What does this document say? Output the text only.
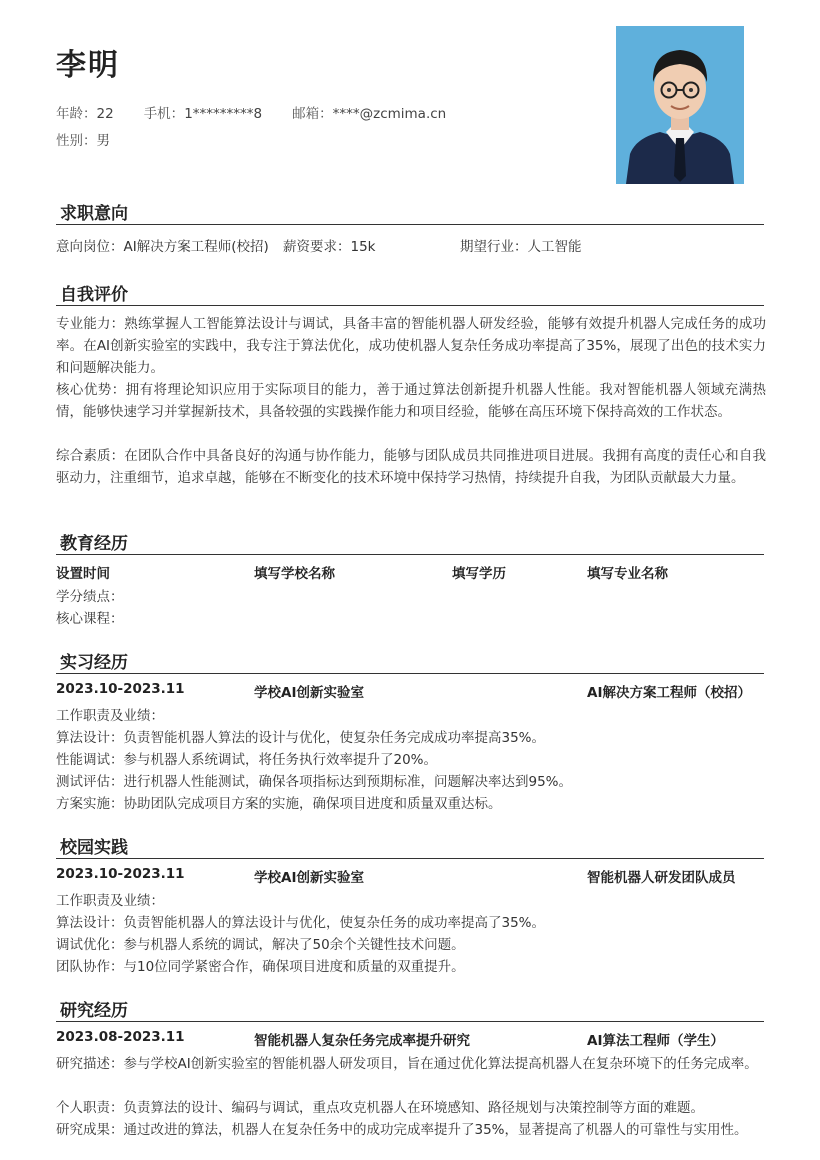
李明
年龄：22 手机：1*********8 邮箱：****@zcmima.cn
性别：男
求职意向
意向岗位：AI解决方案工程师(校招) 薪资要求：15k	期望行业：人工智能
自我评价
专业能力：熟练掌握人工智能算法设计与调试，具备丰富的智能机器人研发经验，能够有效提升机器人完成任务的成功率。在AI创新实验室的实践中，我专注于算法优化，成功使机器人复杂任务成功率提高了35%，展现了出色的技术实力和问题解决能力。
核心优势：拥有将理论知识应用于实际项目的能力，善于通过算法创新提升机器人性能。我对智能机器人领域充满热情，能够快速学习并掌握新技术，具备较强的实践操作能力和项目经验，能够在高压环境下保持高效的工作状态。
综合素质：在团队合作中具备良好的沟通与协作能力，能够与团队成员共同推进项目进展。我拥有高度的责任心和自我驱动力，注重细节，追求卓越，能够在不断变化的技术环境中保持学习热情，持续提升自我，为团队贡献最大力量。
教育经历
设置时间	填写学校名称	填写学历	填写专业名称
学分绩点：
核心课程：
实习经历
2023.10-2023.11	学校AI创新实验室	AI解决方案工程师（校招）
工作职责及业绩：
算法设计：负责智能机器人算法的设计与优化，使复杂任务完成成功率提高35%。
性能调试：参与机器人系统调试，将任务执行效率提升了20%。
测试评估：进行机器人性能测试，确保各项指标达到预期标准，问题解决率达到95%。
方案实施：协助团队完成项目方案的实施，确保项目进度和质量双重达标。
校园实践
2023.10-2023.11	学校AI创新实验室	智能机器人研发团队成员
工作职责及业绩：
算法设计：负责智能机器人的算法设计与优化，使复杂任务的成功率提高了35%。
调试优化：参与机器人系统的调试，解决了50余个关键性技术问题。
团队协作：与10位同学紧密合作，确保项目进度和质量的双重提升。
研究经历
2023.08-2023.11	智能机器人复杂任务完成率提升研究	AI算法工程师（学生）
研究描述：参与学校AI创新实验室的智能机器人研发项目，旨在通过优化算法提高机器人在复杂环境下的任务完成率。
个人职责：负责算法的设计、编码与调试，重点攻克机器人在环境感知、路径规划与决策控制等方面的难题。
研究成果：通过改进的算法，机器人在复杂任务中的成功完成率提升了35%，显著提高了机器人的可靠性与实用性。
